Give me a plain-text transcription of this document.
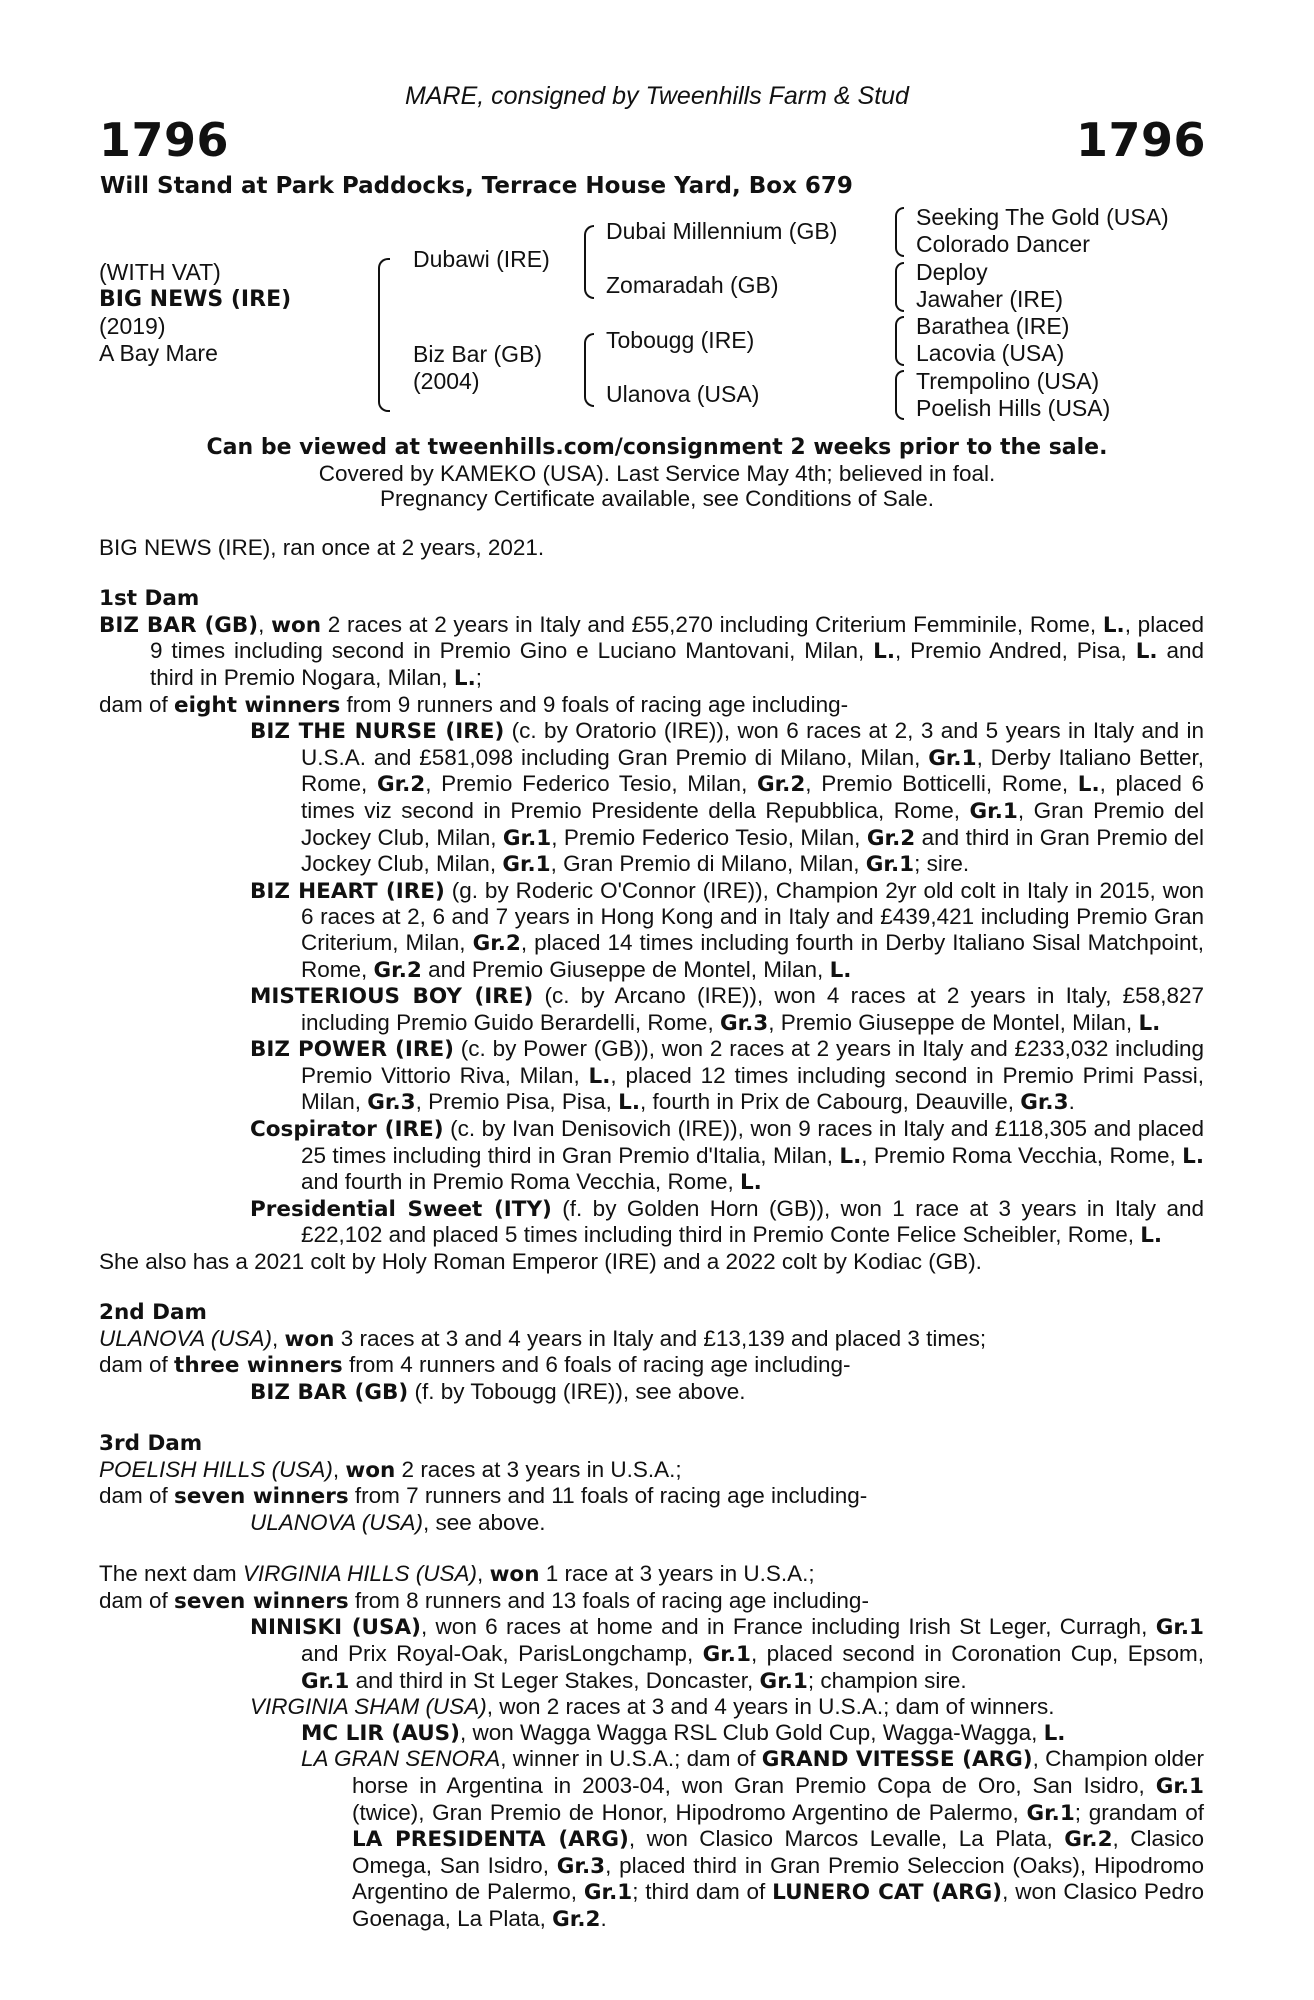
MARE, consigned by Tweenhills Farm & Stud
1796	1796
Will Stand at Park Paddocks, Terrace House Yard, Box 679
(WITH VAT)
BIG NEWS (IRE)
(2019)
A Bay Mare
Dubawi (IRE)
Biz Bar (GB)
(2004)
Dubai Millennium (GB)
Zomaradah (GB)
Tobougg (IRE)
Ulanova (USA)
Seeking The Gold (USA)
Colorado Dancer
Deploy
Jawaher (IRE)
Barathea (IRE)
Lacovia (USA)
Trempolino (USA)
Poelish Hills (USA)
Can be viewed at tweenhills.com/consignment 2 weeks prior to the sale.
Covered by KAMEKO (USA). Last Service May 4th; believed in foal.
Pregnancy Certificate available, see Conditions of Sale.

BIG NEWS (IRE), ran once at 2 years, 2021.

1st Dam

BIZ BAR (GB), won 2 races at 2 years in Italy and £55,270 including Criterium Femminile, Rome, L., placed 9 times including second in Premio Gino e Luciano Mantovani, Milan, L., Premio Andred, Pisa, L. and third in Premio Nogara, Milan, L.;

dam of eight winners from 9 runners and 9 foals of racing age including-

BIZ THE NURSE (IRE) (c. by Oratorio (IRE)), won 6 races at 2, 3 and 5 years in Italy and in U.S.A. and £581,098 including Gran Premio di Milano, Milan, Gr.1, Derby Italiano Better, Rome, Gr.2, Premio Federico Tesio, Milan, Gr.2, Premio Botticelli, Rome, L., placed 6 times viz second in Premio Presidente della Repubblica, Rome, Gr.1, Gran Premio del Jockey Club, Milan, Gr.1, Premio Federico Tesio, Milan, Gr.2 and third in Gran Premio del Jockey Club, Milan, Gr.1, Gran Premio di Milano, Milan, Gr.1; sire.

BIZ HEART (IRE) (g. by Roderic O'Connor (IRE)), Champion 2yr old colt in Italy in 2015, won 6 races at 2, 6 and 7 years in Hong Kong and in Italy and £439,421 including Premio Gran Criterium, Milan, Gr.2, placed 14 times including fourth in Derby Italiano Sisal Matchpoint, Rome, Gr.2 and Premio Giuseppe de Montel, Milan, L.

MISTERIOUS BOY (IRE) (c. by Arcano (IRE)), won 4 races at 2 years in Italy, £58,827 including Premio Guido Berardelli, Rome, Gr.3, Premio Giuseppe de Montel, Milan, L.

BIZ POWER (IRE) (c. by Power (GB)), won 2 races at 2 years in Italy and £233,032 including Premio Vittorio Riva, Milan, L., placed 12 times including second in Premio Primi Passi, Milan, Gr.3, Premio Pisa, Pisa, L., fourth in Prix de Cabourg, Deauville, Gr.3.

Cospirator (IRE) (c. by Ivan Denisovich (IRE)), won 9 races in Italy and £118,305 and placed 25 times including third in Gran Premio d'Italia, Milan, L., Premio Roma Vecchia, Rome, L. and fourth in Premio Roma Vecchia, Rome, L.

Presidential Sweet (ITY) (f. by Golden Horn (GB)), won 1 race at 3 years in Italy and £22,102 and placed 5 times including third in Premio Conte Felice Scheibler, Rome, L.

She also has a 2021 colt by Holy Roman Emperor (IRE) and a 2022 colt by Kodiac (GB).

2nd Dam

ULANOVA (USA), won 3 races at 3 and 4 years in Italy and £13,139 and placed 3 times;

dam of three winners from 4 runners and 6 foals of racing age including-

BIZ BAR (GB) (f. by Tobougg (IRE)), see above.

3rd Dam

POELISH HILLS (USA), won 2 races at 3 years in U.S.A.;

dam of seven winners from 7 runners and 11 foals of racing age including-

ULANOVA (USA), see above.

The next dam VIRGINIA HILLS (USA), won 1 race at 3 years in U.S.A.;

dam of seven winners from 8 runners and 13 foals of racing age including-

NINISKI (USA), won 6 races at home and in France including Irish St Leger, Curragh, Gr.1 and Prix Royal-Oak, ParisLongchamp, Gr.1, placed second in Coronation Cup, Epsom, Gr.1 and third in St Leger Stakes, Doncaster, Gr.1; champion sire.

VIRGINIA SHAM (USA), won 2 races at 3 and 4 years in U.S.A.; dam of winners.

MC LIR (AUS), won Wagga Wagga RSL Club Gold Cup, Wagga-Wagga, L.

LA GRAN SENORA, winner in U.S.A.; dam of GRAND VITESSE (ARG), Champion older horse in Argentina in 2003-04, won Gran Premio Copa de Oro, San Isidro, Gr.1 (twice), Gran Premio de Honor, Hipodromo Argentino de Palermo, Gr.1; grandam of LA PRESIDENTA (ARG), won Clasico Marcos Levalle, La Plata, Gr.2, Clasico Omega, San Isidro, Gr.3, placed third in Gran Premio Seleccion (Oaks), Hipodromo Argentino de Palermo, Gr.1; third dam of LUNERO CAT (ARG), won Clasico Pedro Goenaga, La Plata, Gr.2.
